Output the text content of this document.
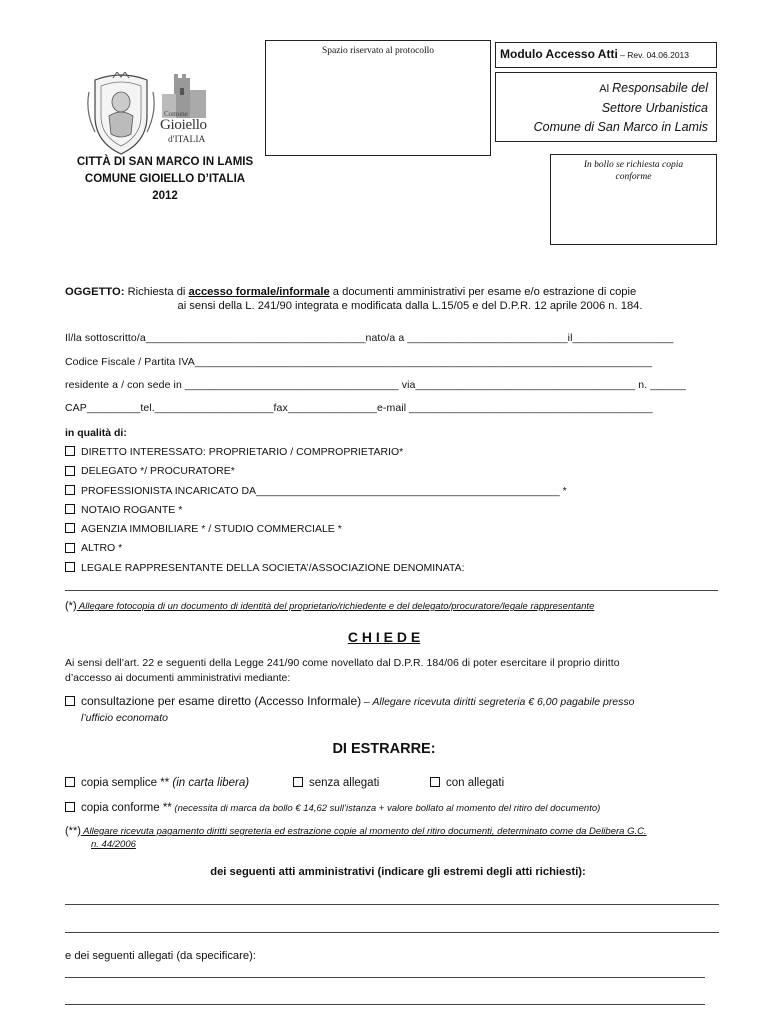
Spazio riservato al protocollo	Modulo Accesso Atti – Rev. 04.06.2013
Al Responsabile del
Settore Urbanistica
Comune di San Marco in Lamis
In bollo se richiesta copia conforme
Comune
Gioiello
d'ITALIA
CITTÀ DI SAN MARCO IN LAMIS
COMUNE GIOIELLO D’ITALIA
2012
OGGETTO: Richiesta di accesso formale/informale a documenti amministrativi per esame e/o estrazione di copie
ai sensi della L. 241/90 integrata e modificata dalla L.15/05 e del D.P.R. 12 aprile 2006 n. 184.
Il/la sottoscritto/a_____________________________________nato/a a ___________________________il_________________
Codice Fiscale / Partita IVA_____________________________________________________________________________
residente a / con sede in ____________________________________ via_____________________________________ n. ______
CAP_________tel.____________________fax_______________e-mail _________________________________________
in qualità di:
DIRETTO INTERESSATO: PROPRIETARIO / COMPROPRIETARIO*
DELEGATO */ PROCURATORE*
PROFESSIONISTA INCARICATO DA____________________________________________________ *
NOTAIO ROGANTE *
AGENZIA IMMOBILIARE * / STUDIO COMMERCIALE *
ALTRO *
LEGALE RAPPRESENTANTE DELLA SOCIETA’/ASSOCIAZIONE DENOMINATA:
(*) Allegare fotocopia di un documento di identità del proprietario/richiedente e del delegato/procuratore/legale rappresentante
C H I E D E
Ai sensi dell’art. 22 e seguenti della Legge 241/90 come novellato dal D.P.R. 184/06 di poter esercitare il proprio diritto
d’accesso ai documenti amministrativi mediante:
consultazione per esame diretto (Accesso Informale) – Allegare ricevuta diritti segreteria € 6,00 pagabile presso
l’ufficio economato
DI ESTRARRE:
copia semplice ** (in carta libera)	senza allegati	con allegati
copia conforme ** (necessita di marca da bollo € 14,62 sull’istanza + valore bollato al momento del ritiro del documento)
(**) Allegare ricevuta pagamento diritti segreteria ed estrazione copie al momento del ritiro documenti, determinato come da Delibera G.C.
n. 44/2006
dei seguenti atti amministrativi (indicare gli estremi degli atti richiesti):
e dei seguenti allegati (da specificare):
